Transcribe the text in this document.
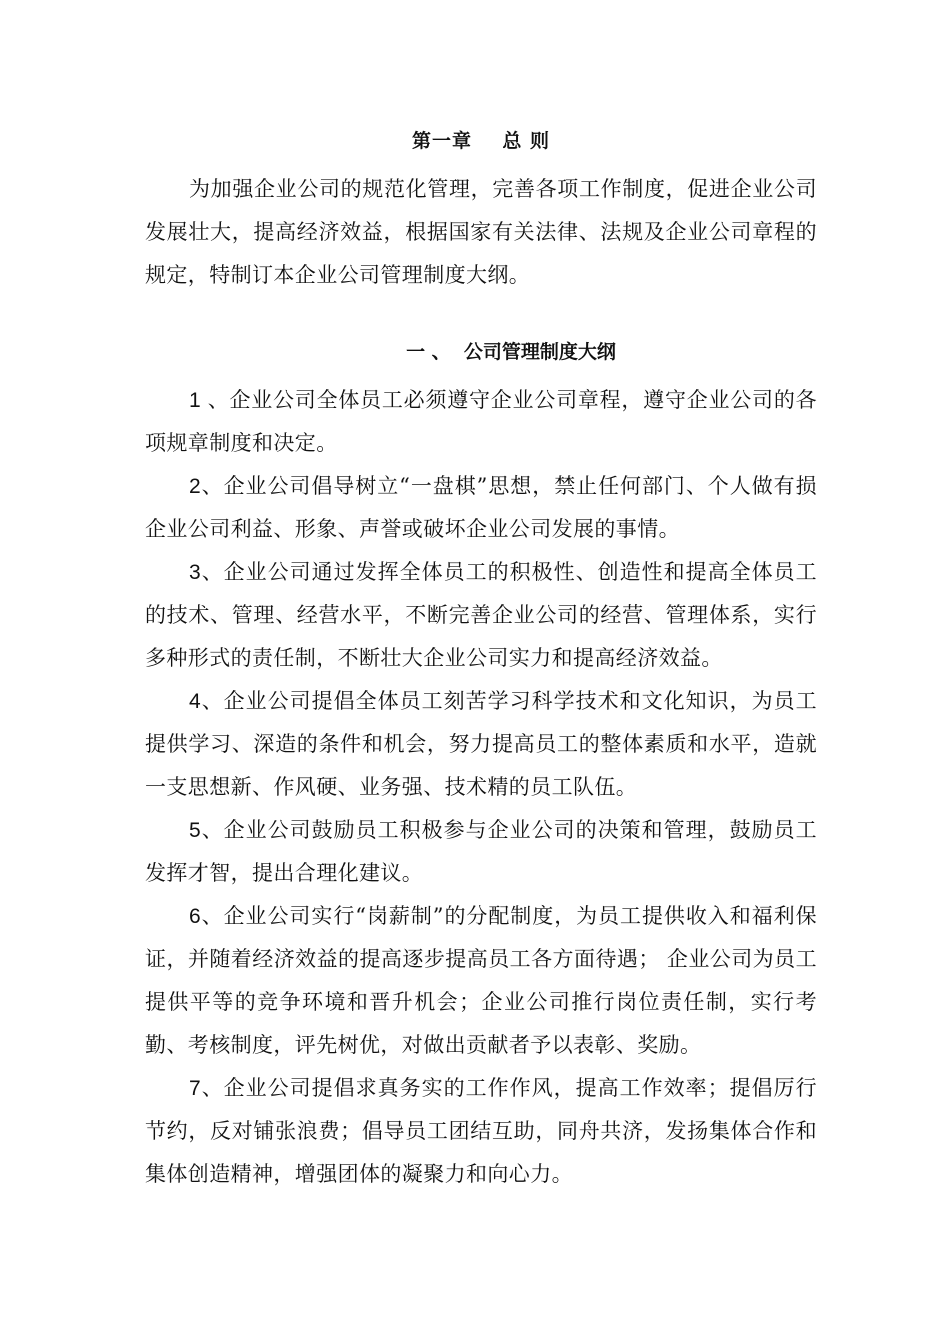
第一章    总 则

为加强企业公司的规范化管理，完善各项工作制度，促进企业公司发展壮大，提高经济效益，根据国家有关法律、法规及企业公司章程的规定，特制订本企业公司管理制度大纲。

一 、  公司管理制度大纲

1 、企业公司全体员工必须遵守企业公司章程，遵守企业公司的各项规章制度和决定。

2、企业公司倡导树立“一盘棋”思想，禁止任何部门、个人做有损企业公司利益、形象、声誉或破坏企业公司发展的事情。

3、企业公司通过发挥全体员工的积极性、创造性和提高全体员工的技术、管理、经营水平，不断完善企业公司的经营、管理体系，实行多种形式的责任制，不断壮大企业公司实力和提高经济效益。

4、企业公司提倡全体员工刻苦学习科学技术和文化知识，为员工提供学习、深造的条件和机会，努力提高员工的整体素质和水平，造就一支思想新、作风硬、业务强、技术精的员工队伍。

5、企业公司鼓励员工积极参与企业公司的决策和管理，鼓励员工发挥才智，提出合理化建议。

6、企业公司实行“岗薪制”的分配制度，为员工提供收入和福利保证，并随着经济效益的提高逐步提高员工各方面待遇； 企业公司为员工提供平等的竞争环境和晋升机会；企业公司推行岗位责任制，实行考勤、考核制度，评先树优，对做出贡献者予以表彰、奖励。

7、企业公司提倡求真务实的工作作风，提高工作效率；提倡厉行节约，反对铺张浪费；倡导员工团结互助，同舟共济，发扬集体合作和集体创造精神，增强团体的凝聚力和向心力。
